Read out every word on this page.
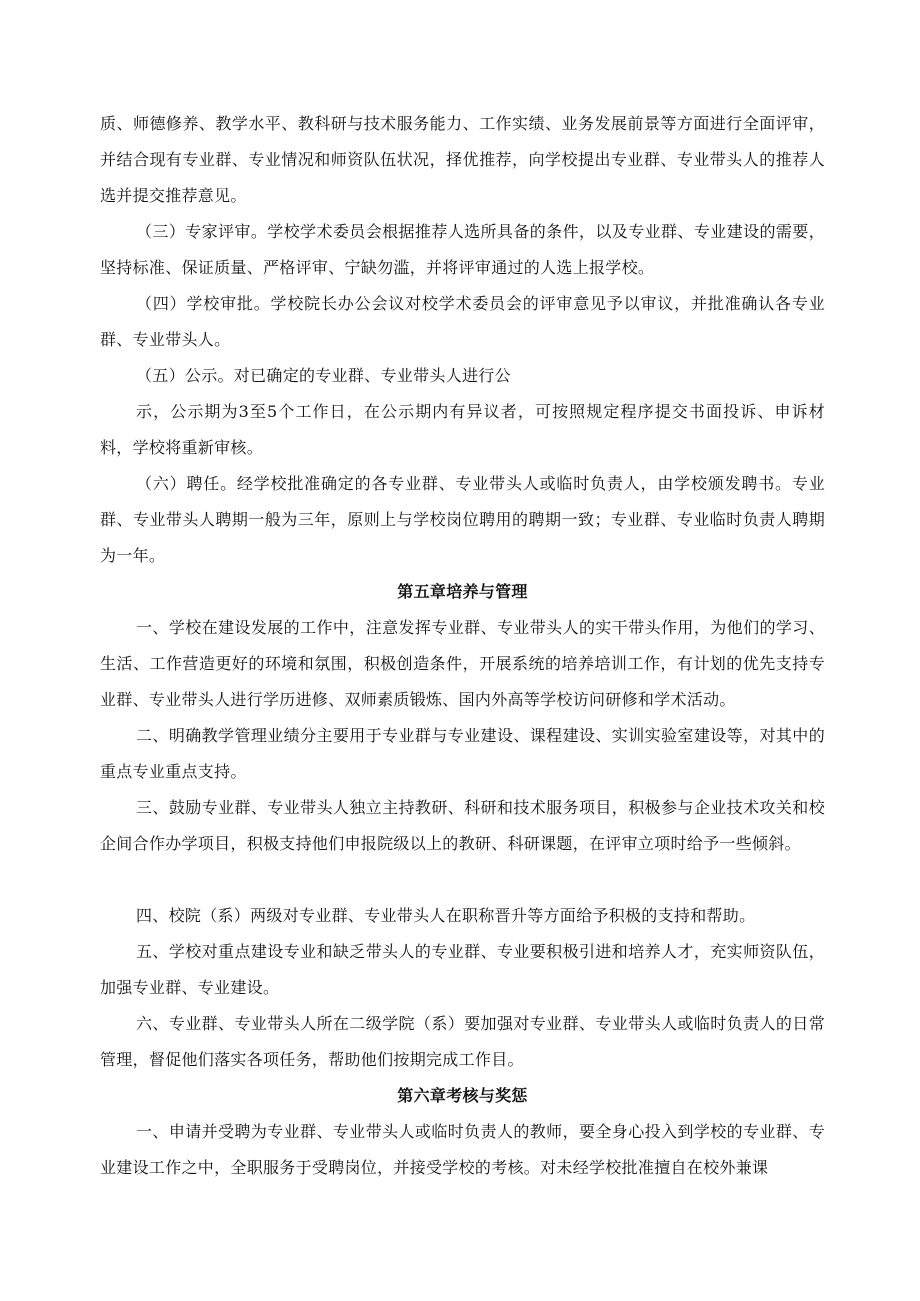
质、师德修养、教学水平、教科研与技术服务能力、工作实绩、业务发展前景等方面进行全面评审，并结合现有专业群、专业情况和师资队伍状况，择优推荐，向学校提出专业群、专业带头人的推荐人选并提交推荐意见。

（三）专家评审。学校学术委员会根据推荐人选所具备的条件，以及专业群、专业建设的需要，坚持标准、保证质量、严格评审、宁缺勿滥，并将评审通过的人选上报学校。

（四）学校审批。学校院长办公会议对校学术委员会的评审意见予以审议，并批准确认各专业群、专业带头人。

（五）公示。对已确定的专业群、专业带头人进行公

示，公示期为3至5个工作日，在公示期内有异议者，可按照规定程序提交书面投诉、申诉材料，学校将重新审核。

（六）聘任。经学校批准确定的各专业群、专业带头人或临时负责人，由学校颁发聘书。专业群、专业带头人聘期一般为三年，原则上与学校岗位聘用的聘期一致；专业群、专业临时负责人聘期为一年。

第五章培养与管理

一、学校在建设发展的工作中，注意发挥专业群、专业带头人的实干带头作用，为他们的学习、生活、工作营造更好的环境和氛围，积极创造条件，开展系统的培养培训工作，有计划的优先支持专业群、专业带头人进行学历进修、双师素质锻炼、国内外高等学校访问研修和学术活动。

二、明确教学管理业绩分主要用于专业群与专业建设、课程建设、实训实验室建设等，对其中的重点专业重点支持。

三、鼓励专业群、专业带头人独立主持教研、科研和技术服务项目，积极参与企业技术攻关和校企间合作办学项目，积极支持他们申报院级以上的教研、科研课题，在评审立项时给予一些倾斜。

四、校院（系）两级对专业群、专业带头人在职称晋升等方面给予积极的支持和帮助。

五、学校对重点建设专业和缺乏带头人的专业群、专业要积极引进和培养人才，充实师资队伍，加强专业群、专业建设。

六、专业群、专业带头人所在二级学院（系）要加强对专业群、专业带头人或临时负责人的日常管理，督促他们落实各项任务，帮助他们按期完成工作目。

第六章考核与奖惩

一、申请并受聘为专业群、专业带头人或临时负责人的教师，要全身心投入到学校的专业群、专业建设工作之中，全职服务于受聘岗位，并接受学校的考核。对未经学校批准擅自在校外兼课
